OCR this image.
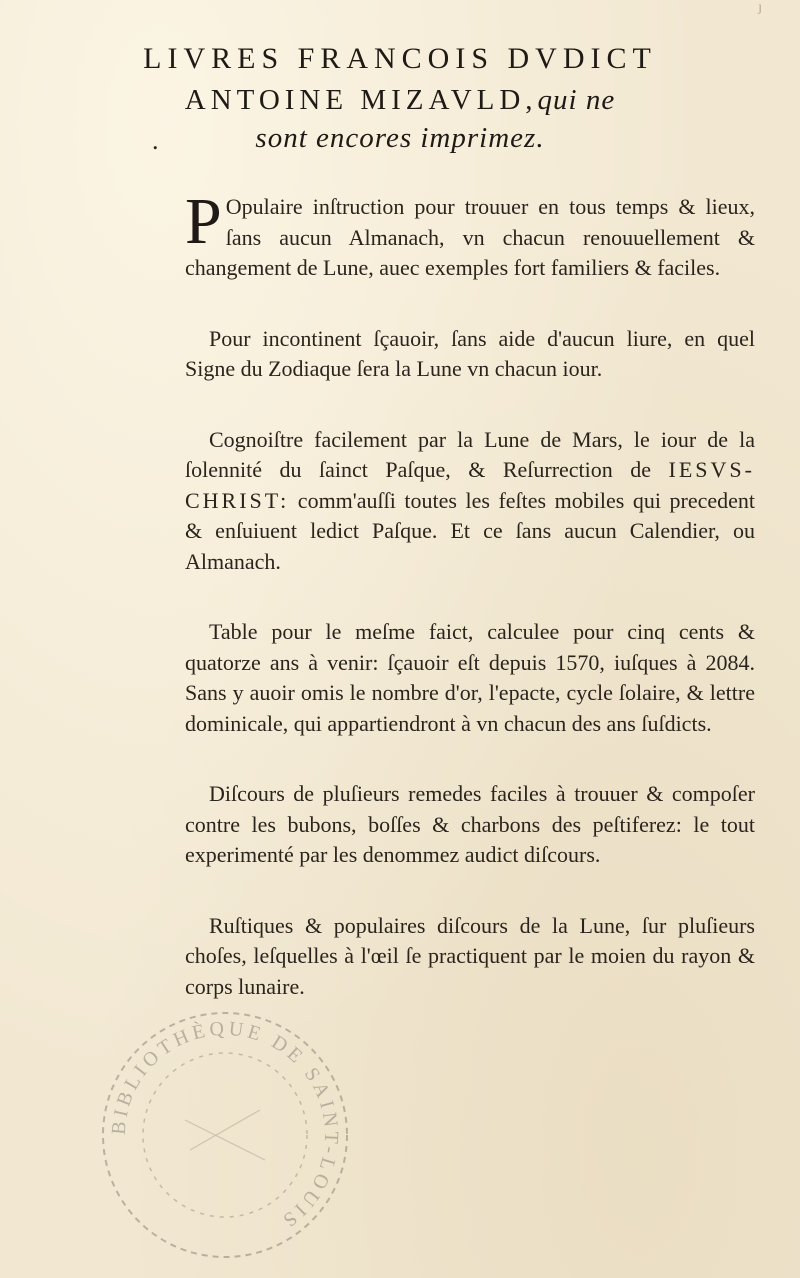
ȷ
LIVRES FRANCOIS DVDICT
ANTOINE MIZAVLD,qui ne
sont encores imprimez.
.

P Opulaire inſtruction pour trouuer en tous temps & lieux, ſans aucun Almanach, vn chacun renouuellement & changement de Lune, auec exemples fort familiers & faciles.

Pour incontinent ſçauoir, ſans aide d'aucun liure, en quel Signe du Zodiaque ſera la Lune vn chacun iour.

Cognoiſtre facilement par la Lune de Mars, le iour de la ſolennité du ſainct Paſque, & Reſurrection de IESVS-CHRIST: comm'auſſi toutes les feſtes mobiles qui precedent & enſuiuent ledict Paſque. Et ce ſans aucun Calendier, ou Almanach.

Table pour le meſme faict, calculee pour cinq cents & quatorze ans à venir: ſçauoir eſt depuis 1570, iuſques à 2084. Sans y auoir omis le nombre d'or, l'epacte, cycle ſolaire, & lettre dominicale, qui appartiendront à vn chacun des ans ſuſdicts.

Diſcours de pluſieurs remedes faciles à trouuer & compoſer contre les bubons, boſſes & charbons des peſtiferez: le tout experimenté par les denommez audict diſcours.

Ruſtiques & populaires diſcours de la Lune, ſur pluſieurs choſes, leſquelles à l'œil ſe practiquent par le moien du rayon & corps lunaire.

BIBLIOTHÈQUE DE SAINT-LOUIS
